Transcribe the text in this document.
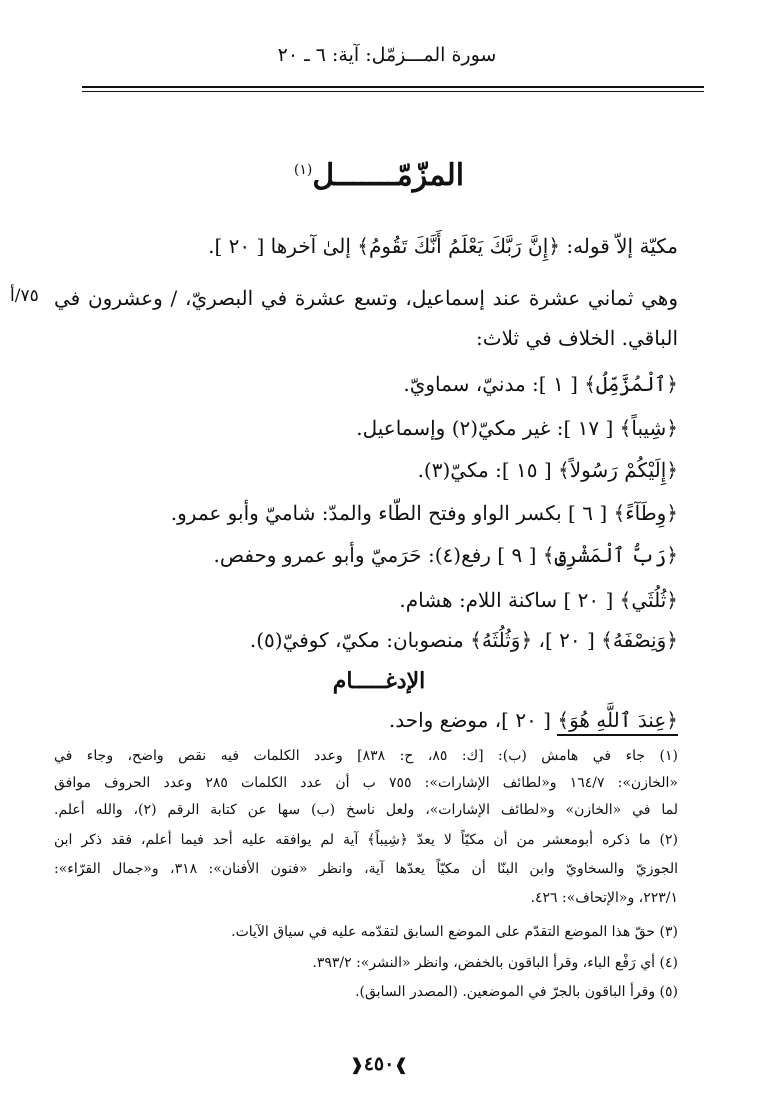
سورة المـــزمّل: آية: ٦ ـ ٢٠
المزّمّـــــــل$^{(١)}$
مكيّة إلاّ قوله: ﴿إِنَّ رَبَّكَ يَعْلَمُ أَنَّكَ تَقُومُ﴾ إلىٰ آخرها [ ٢٠ ].
وهي ثماني عشرة عند إسماعيل، وتسع عشرة في البصريّ، / وعشرون في
٧٥/أ
الباقي. الخلاف في ثلاث:
﴿ٱلْمُزَّمِّلُ﴾ [ ١ ]: مدنيّ، سماويّ.
﴿شِيباً﴾ [ ١٧ ]: غير مكيّ(٢) وإسماعيل.
﴿إِلَيْكُمْ رَسُولاً﴾ [ ١٥ ]: مكيّ(٣).
﴿وِطَآءً﴾ [ ٦ ] بكسر الواو وفتح الطّاء والمدّ: شاميّ وأبو عمرو.
﴿رَبُّ ٱلْمَشْرِقِ﴾ [ ٩ ] رفع(٤): حَرَميّ وأبو عمرو وحفص.
﴿ثُلُثَي﴾ [ ٢٠ ] ساكنة اللام: هشام.
﴿وَنِصْفَهُ﴾ [ ٢٠ ]، ﴿وَثُلُثَهُ﴾ منصوبان: مكيّ، كوفيّ(٥).
الإدغـــــام
﴿عِندَ ٱللَّهِ هُوَ﴾ [ ٢٠ ]، موضع واحد.
(١) جاء في هامش (ب): [ك: ٨٥، ح: ٨٣٨] وعدد الكلمات فيه نقص واضح، وجاء في
«الخازن»: ١٦٤/٧ و«لطائف الإشارات»: ٧٥٥ ب أن عدد الكلمات ٢٨٥ وعدد الحروف موافق
لما في «الخازن» و«لطائف الإشارات»، ولعل ناسخ (ب) سها عن كتابة الرقم (٢)، والله أعلم.
(٢) ما ذكره أبومعشر من أن مكيّاً لا يعدّ ﴿شِيباً﴾ آية لم يوافقه عليه أحد فيما أعلم، فقد ذكر ابن
الجوزيّ والسخاويّ وابن البنّا أن مكيّاً يعدّها آية، وانظر «فنون الأفنان»: ٣١٨، و«جمال القرّاء»:
٢٢٣/١، و«الإتحاف»: ٤٢٦.
(٣) حقّ هذا الموضع التقدّم على الموضع السابق لتقدّمه عليه في سياق الآيات.
(٤) أي رَفْع الباء، وقرأ الباقون بالخفض، وانظر «النشر»: ٣٩٣/٢.
(٥) وقرأ الباقون بالجرّ في الموضعين. (المصدر السابق).
❱٤٥٠❰
